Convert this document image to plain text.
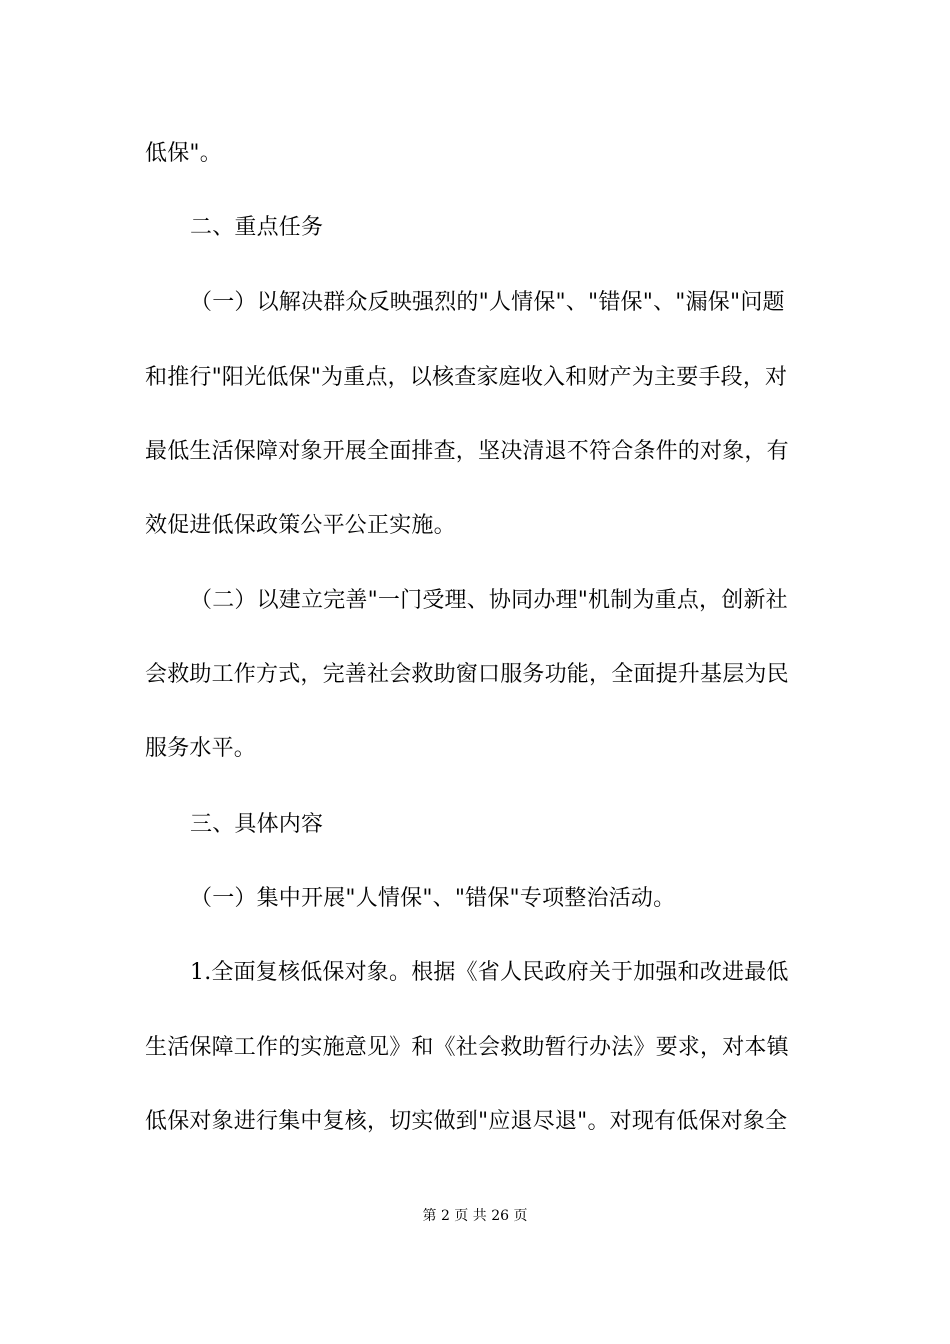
低保"。
二、重点任务
（一）以解决群众反映强烈的"人情保"、"错保"、"漏保"问题
和推行"阳光低保"为重点，以核查家庭收入和财产为主要手段，对
最低生活保障对象开展全面排查，坚决清退不符合条件的对象，有
效促进低保政策公平公正实施。
（二）以建立完善"一门受理、协同办理"机制为重点，创新社
会救助工作方式，完善社会救助窗口服务功能，全面提升基层为民
服务水平。
三、具体内容
（一）集中开展"人情保"、"错保"专项整治活动。
1.全面复核低保对象。根据《省人民政府关于加强和改进最低
生活保障工作的实施意见》和《社会救助暂行办法》要求，对本镇
低保对象进行集中复核，切实做到"应退尽退"。对现有低保对象全
第 2 页 共 26 页
